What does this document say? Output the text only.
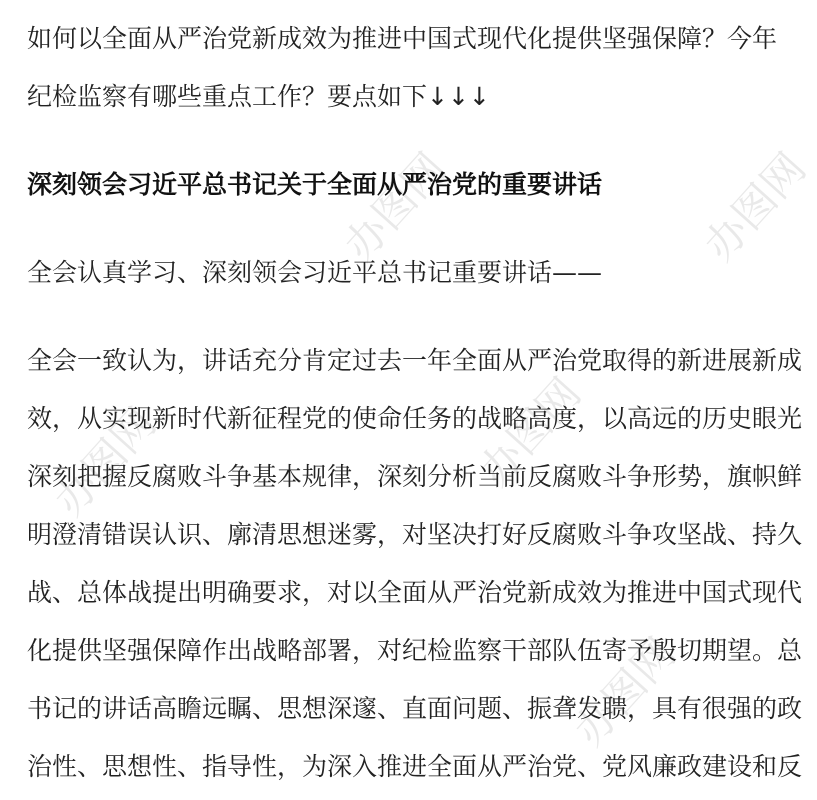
办图网	办图网
办图网
办图网
办图网
如何以全面从严治党新成效为推进中国式现代化提供坚强保障？今年
纪检监察有哪些重点工作？要点如下↓↓↓
深刻领会习近平总书记关于全面从严治党的重要讲话
全会认真学习、深刻领会习近平总书记重要讲话——
全会一致认为，讲话充分肯定过去一年全面从严治党取得的新进展新成
效，从实现新时代新征程党的使命任务的战略高度，以高远的历史眼光
深刻把握反腐败斗争基本规律，深刻分析当前反腐败斗争形势，旗帜鲜
明澄清错误认识、廓清思想迷雾，对坚决打好反腐败斗争攻坚战、持久
战、总体战提出明确要求，对以全面从严治党新成效为推进中国式现代
化提供坚强保障作出战略部署，对纪检监察干部队伍寄予殷切期望。总
书记的讲话高瞻远瞩、思想深邃、直面问题、振聋发聩，具有很强的政
治性、思想性、指导性，为深入推进全面从严治党、党风廉政建设和反
